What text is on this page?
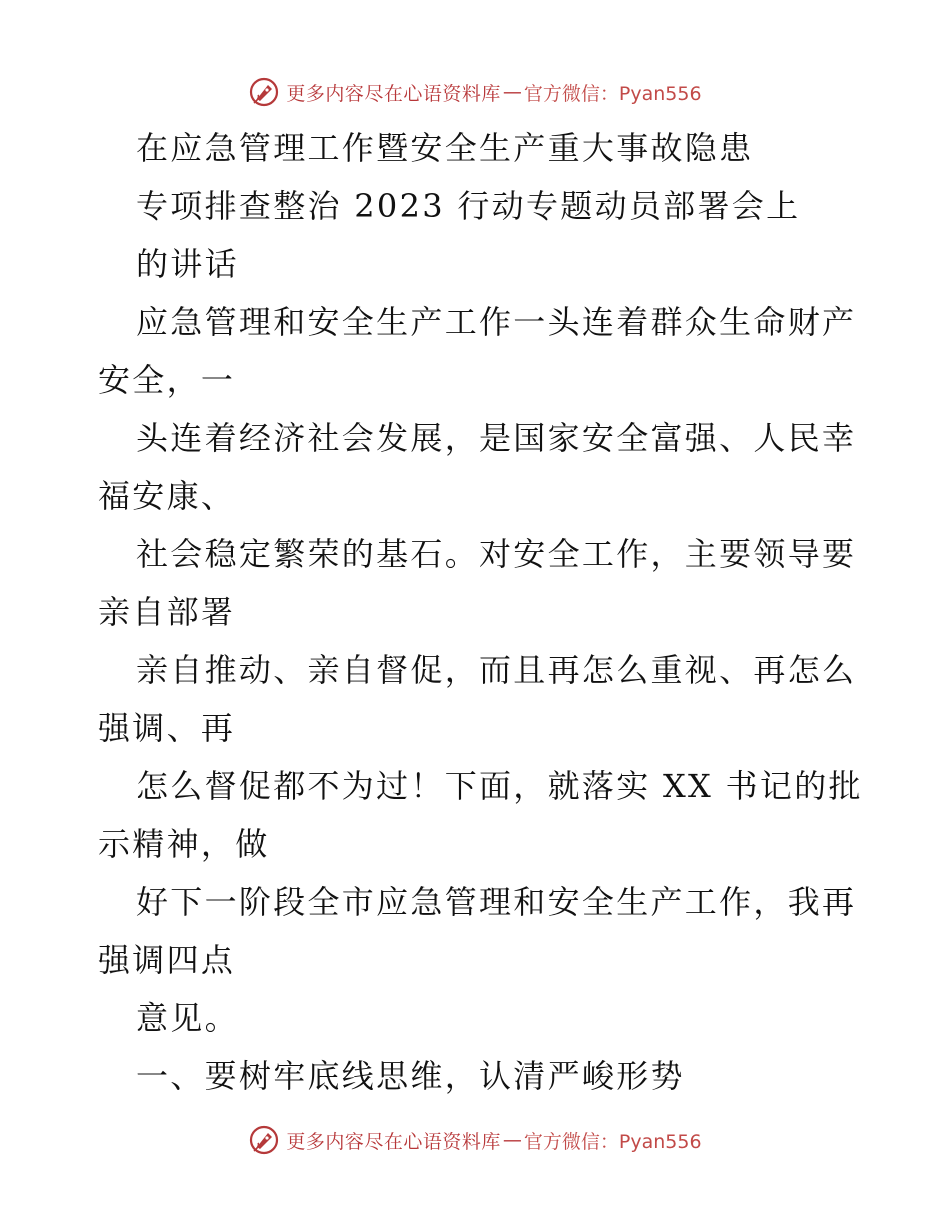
更多内容尽在心语资料库 — 官方微信：Pyan556
在应急管理工作暨安全生产重大事故隐患
专项排查整治 2023 行动专题动员部署会上
的讲话
应急管理和安全生产工作一头连着群众生命财产
安全，一
头连着经济社会发展，是国家安全富强、人民幸
福安康、
社会稳定繁荣的基石。对安全工作，主要领导要
亲自部署
亲自推动、亲自督促，而且再怎么重视、再怎么
强调、再
怎么督促都不为过！下面，就落实 XX 书记的批
示精神，做
好下一阶段全市应急管理和安全生产工作，我再
强调四点
意见。
一、要树牢底线思维，认清严峻形势
更多内容尽在心语资料库 — 官方微信：Pyan556
